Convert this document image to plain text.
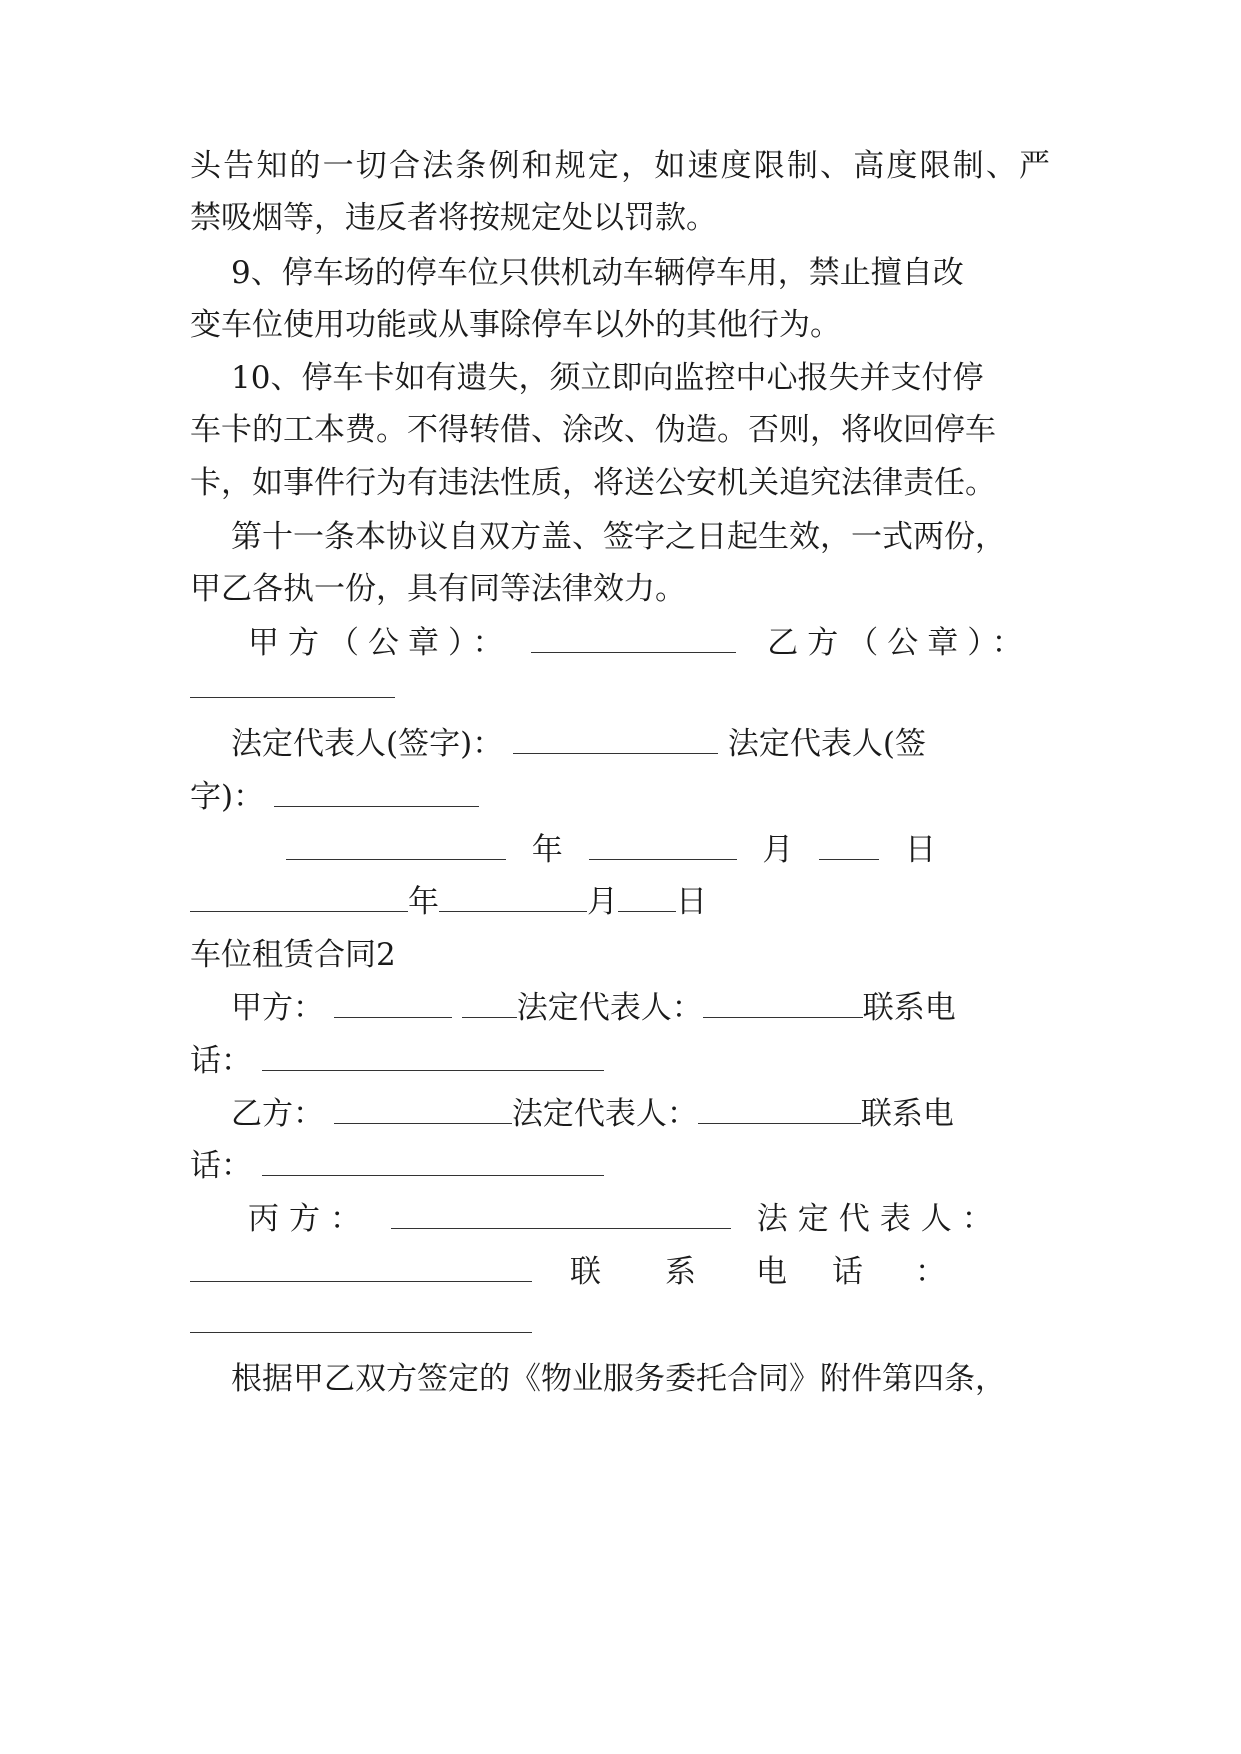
头告知的一切合法条例和规定，如速度限制、高度限制、严
禁吸烟等，违反者将按规定处以罚款。
9、停车场的停车位只供机动车辆停车用，禁止擅自改
变车位使用功能或从事除停车以外的其他行为。
10、停车卡如有遗失，须立即向监控中心报失并支付停
车卡的工本费。不得转借、涂改、伪造。否则，将收回停车
卡，如事件行为有违法性质，将送公安机关追究法律责任。
第十一条本协议自双方盖、签字之日起生效，一式两份，
甲乙各执一份，具有同等法律效力。
甲方（公章）：	乙方（公章）：
法定代表人(签字)：	法定代表人(签
字)：
年	月	日
年	月 日
车位租赁合同2
甲方：	法定代表人：	联系电
话：
乙方：	法定代表人：	联系电
话：
丙方：	法定代表人：
联 系 电 话 ：
根据甲乙双方签定的《物业服务委托合同》附件第四条，
